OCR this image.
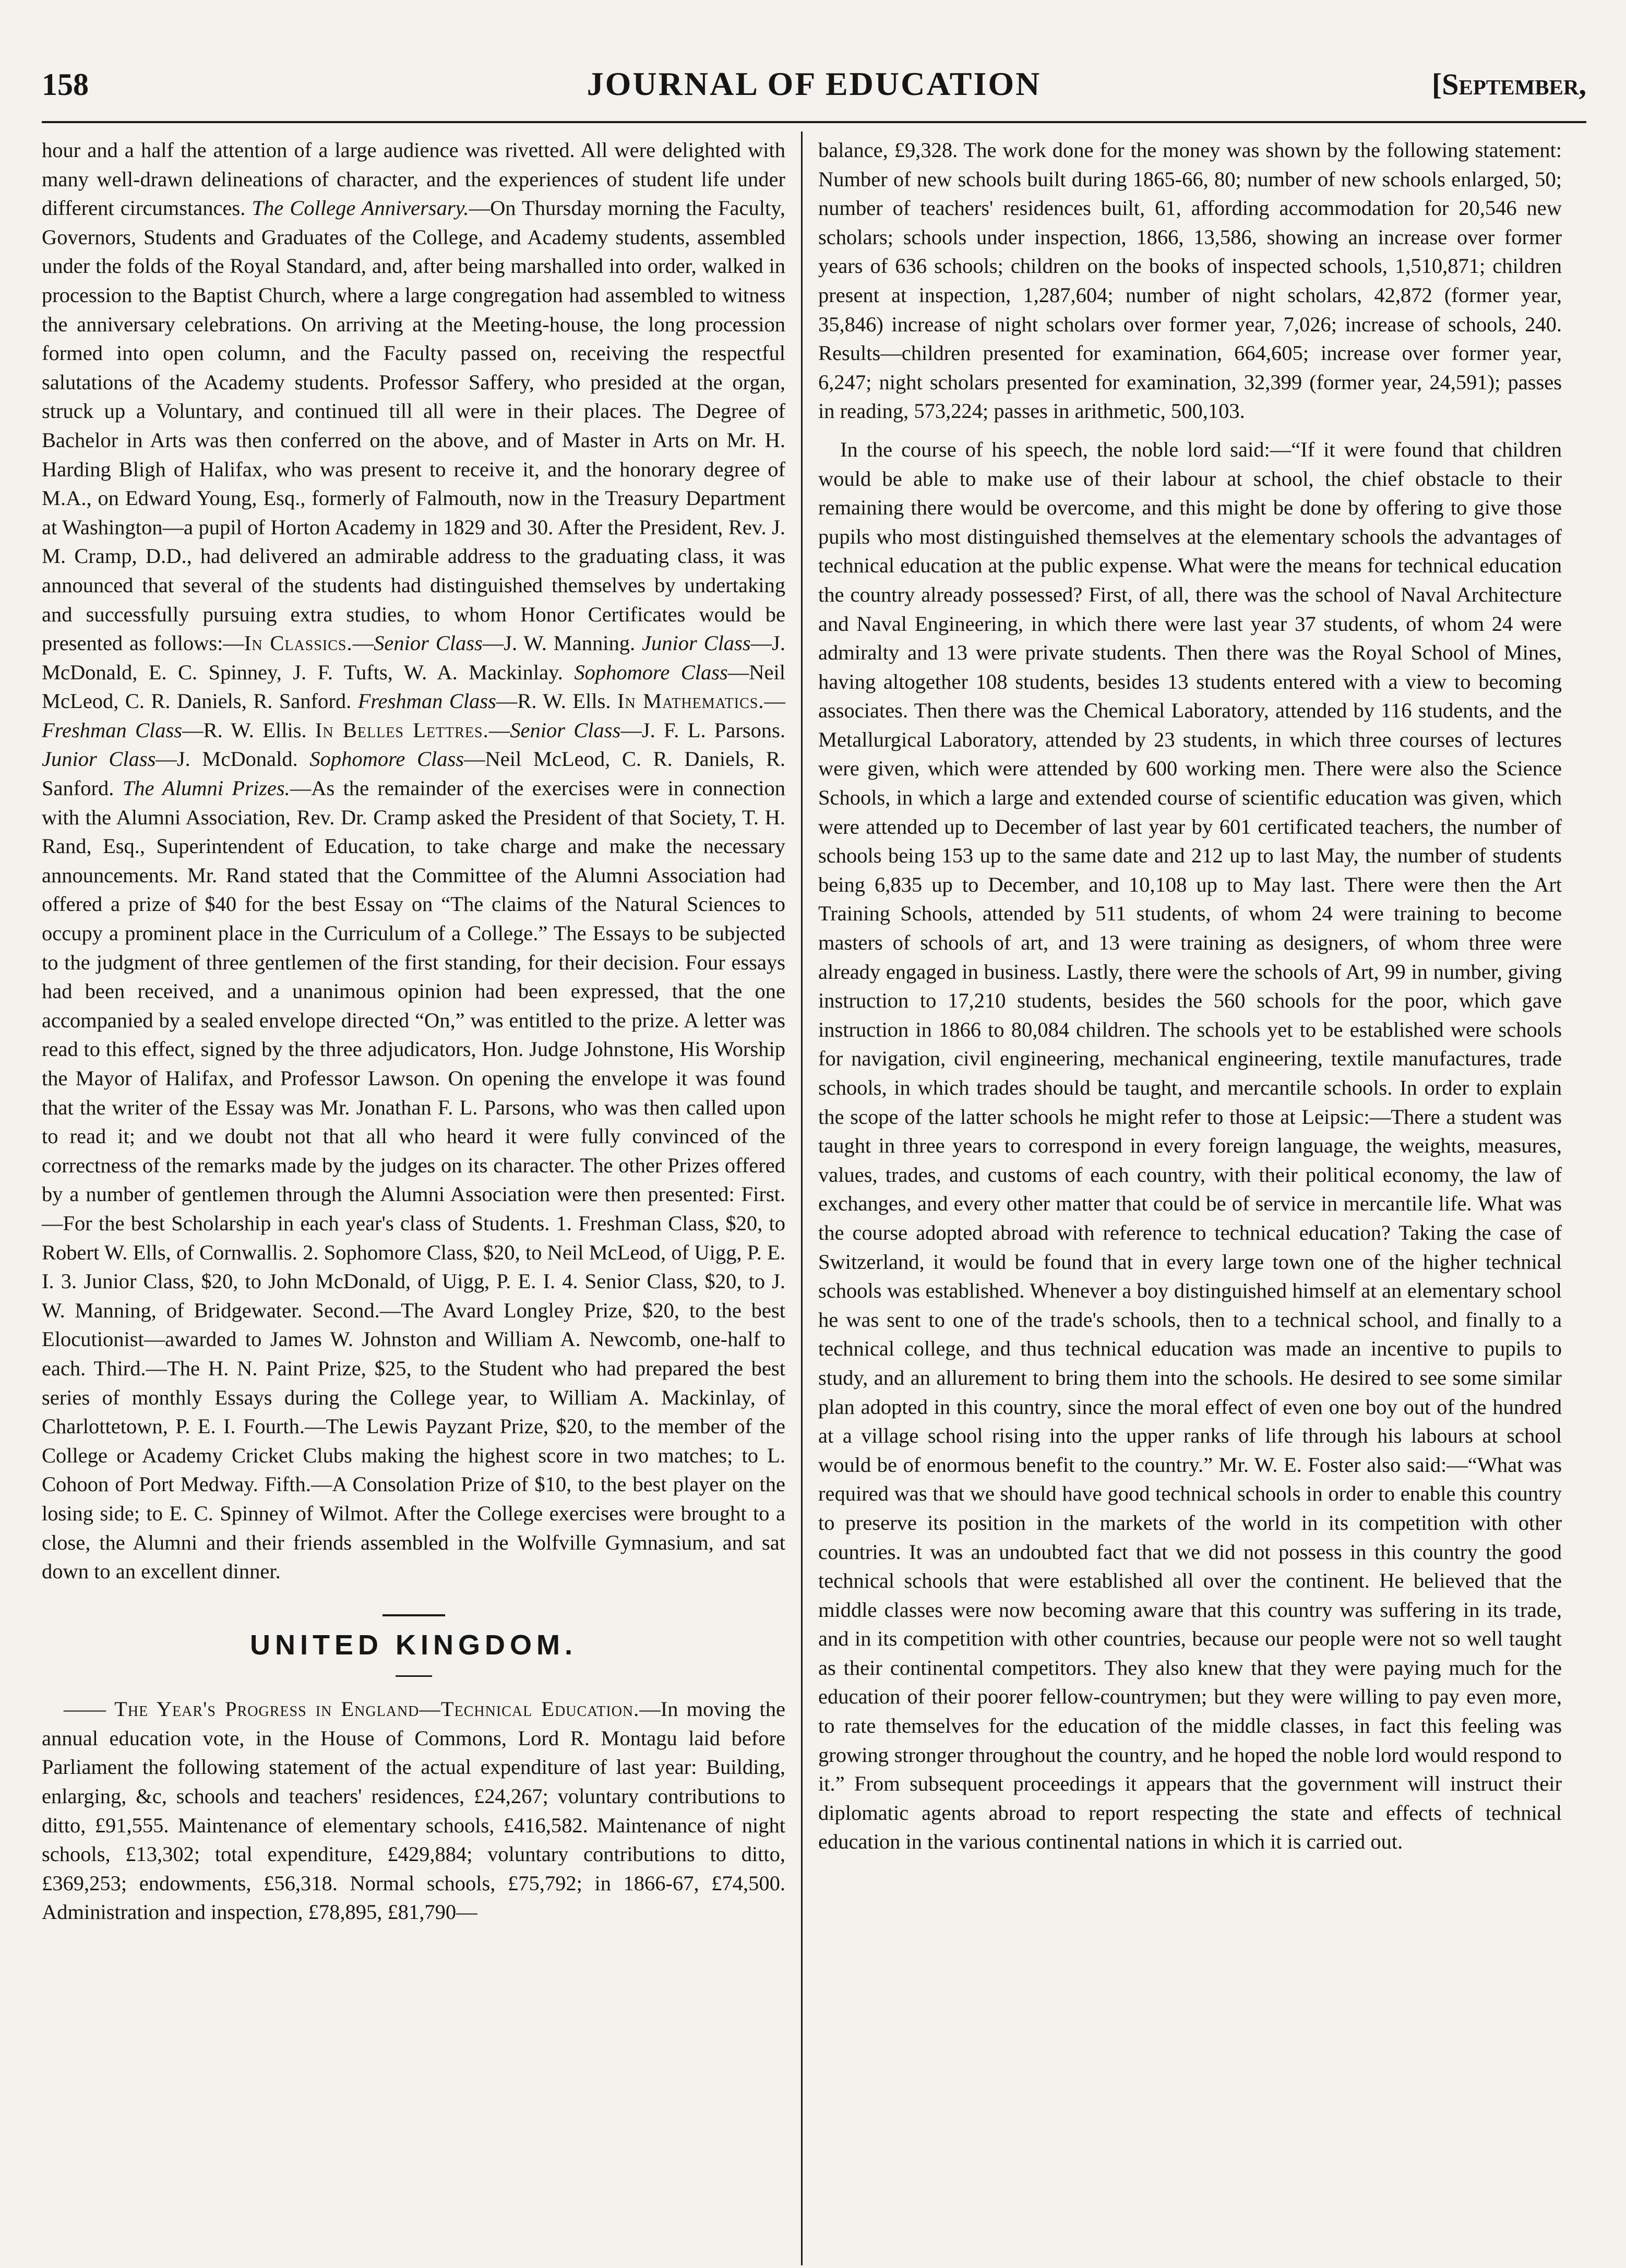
158	JOURNAL OF EDUCATION	[September,

hour and a half the attention of a large audience was rivetted. All were delighted with many well-drawn delineations of character, and the experiences of student life under different circumstances. The College Anniversary.—On Thursday morning the Faculty, Governors, Students and Graduates of the College, and Academy students, assembled under the folds of the Royal Standard, and, after being marshalled into order, walked in procession to the Baptist Church, where a large congregation had assembled to witness the anniversary celebrations. On arriving at the Meeting-house, the long procession formed into open column, and the Faculty passed on, receiving the respectful salutations of the Academy students. Professor Saffery, who presided at the organ, struck up a Voluntary, and continued till all were in their places. The Degree of Bachelor in Arts was then conferred on the above, and of Master in Arts on Mr. H. Harding Bligh of Halifax, who was present to receive it, and the honorary degree of M.A., on Edward Young, Esq., formerly of Falmouth, now in the Treasury Department at Washington—a pupil of Horton Academy in 1829 and 30. After the President, Rev. J. M. Cramp, D.D., had delivered an admirable address to the graduating class, it was announced that several of the students had distinguished themselves by undertaking and successfully pursuing extra studies, to whom Honor Certificates would be presented as follows:—In Classics.—Senior Class—J. W. Manning. Junior Class—J. McDonald, E. C. Spinney, J. F. Tufts, W. A. Mackinlay. Sophomore Class—Neil McLeod, C. R. Daniels, R. Sanford. Freshman Class—R. W. Ells. In Mathematics.—Freshman Class—R. W. Ellis. In Belles Lettres.—Senior Class—J. F. L. Parsons. Junior Class—J. McDonald. Sophomore Class—Neil McLeod, C. R. Daniels, R. Sanford. The Alumni Prizes.—As the remainder of the exercises were in connection with the Alumni Association, Rev. Dr. Cramp asked the President of that Society, T. H. Rand, Esq., Superintendent of Education, to take charge and make the necessary announcements. Mr. Rand stated that the Committee of the Alumni Association had offered a prize of $40 for the best Essay on “The claims of the Natural Sciences to occupy a prominent place in the Curriculum of a College.” The Essays to be subjected to the judgment of three gentlemen of the first standing, for their decision. Four essays had been received, and a unanimous opinion had been expressed, that the one accompanied by a sealed envelope directed “On,” was entitled to the prize. A letter was read to this effect, signed by the three adjudicators, Hon. Judge Johnstone, His Worship the Mayor of Halifax, and Professor Lawson. On opening the envelope it was found that the writer of the Essay was Mr. Jonathan F. L. Parsons, who was then called upon to read it; and we doubt not that all who heard it were fully convinced of the correctness of the remarks made by the judges on its character. The other Prizes offered by a number of gentlemen through the Alumni Association were then presented: First.—For the best Scholarship in each year's class of Students. 1. Freshman Class, $20, to Robert W. Ells, of Cornwallis. 2. Sophomore Class, $20, to Neil McLeod, of Uigg, P. E. I. 3. Junior Class, $20, to John McDonald, of Uigg, P. E. I. 4. Senior Class, $20, to J. W. Manning, of Bridgewater. Second.—The Avard Longley Prize, $20, to the best Elocutionist—awarded to James W. Johnston and William A. Newcomb, one-half to each. Third.—The H. N. Paint Prize, $25, to the Student who had prepared the best series of monthly Essays during the College year, to William A. Mackinlay, of Charlottetown, P. E. I. Fourth.—The Lewis Payzant Prize, $20, to the member of the College or Academy Cricket Clubs making the highest score in two matches; to L. Cohoon of Port Medway. Fifth.—A Consolation Prize of $10, to the best player on the losing side; to E. C. Spinney of Wilmot. After the College exercises were brought to a close, the Alumni and their friends assembled in the Wolfville Gymnasium, and sat down to an excellent dinner.

UNITED KINGDOM.

—— The Year's Progress in England—Technical Education.—In moving the annual education vote, in the House of Commons, Lord R. Montagu laid before Parliament the following statement of the actual expenditure of last year: Building, enlarging, &c, schools and teachers' residences, £24,267; voluntary contributions to ditto, £91,555. Maintenance of elementary schools, £416,582. Maintenance of night schools, £13,302; total expenditure, £429,884; voluntary contributions to ditto, £369,253; endowments, £56,318. Normal schools, £75,792; in 1866-67, £74,500. Administration and inspection, £78,895, £81,790—

balance, £9,328. The work done for the money was shown by the following statement: Number of new schools built during 1865-66, 80; number of new schools enlarged, 50; number of teachers' residences built, 61, affording accommodation for 20,546 new scholars; schools under inspection, 1866, 13,586, showing an increase over former years of 636 schools; children on the books of inspected schools, 1,510,871; children present at inspection, 1,287,604; number of night scholars, 42,872 (former year, 35,846) increase of night scholars over former year, 7,026; increase of schools, 240. Results—children presented for examination, 664,605; increase over former year, 6,247; night scholars presented for examination, 32,399 (former year, 24,591); passes in reading, 573,224; passes in arithmetic, 500,103.

In the course of his speech, the noble lord said:—“If it were found that children would be able to make use of their labour at school, the chief obstacle to their remaining there would be overcome, and this might be done by offering to give those pupils who most distinguished themselves at the elementary schools the advantages of technical education at the public expense. What were the means for technical education the country already possessed? First, of all, there was the school of Naval Architecture and Naval Engineering, in which there were last year 37 students, of whom 24 were admiralty and 13 were private students. Then there was the Royal School of Mines, having altogether 108 students, besides 13 students entered with a view to becoming associates. Then there was the Chemical Laboratory, attended by 116 students, and the Metallurgical Laboratory, attended by 23 students, in which three courses of lectures were given, which were attended by 600 working men. There were also the Science Schools, in which a large and extended course of scientific education was given, which were attended up to December of last year by 601 certificated teachers, the number of schools being 153 up to the same date and 212 up to last May, the number of students being 6,835 up to December, and 10,108 up to May last. There were then the Art Training Schools, attended by 511 students, of whom 24 were training to become masters of schools of art, and 13 were training as designers, of whom three were already engaged in business. Lastly, there were the schools of Art, 99 in number, giving instruction to 17,210 students, besides the 560 schools for the poor, which gave instruction in 1866 to 80,084 children. The schools yet to be established were schools for navigation, civil engineering, mechanical engineering, textile manufactures, trade schools, in which trades should be taught, and mercantile schools. In order to explain the scope of the latter schools he might refer to those at Leipsic:—There a student was taught in three years to correspond in every foreign language, the weights, measures, values, trades, and customs of each country, with their political economy, the law of exchanges, and every other matter that could be of service in mercantile life. What was the course adopted abroad with reference to technical education? Taking the case of Switzerland, it would be found that in every large town one of the higher technical schools was established. Whenever a boy distinguished himself at an elementary school he was sent to one of the trade's schools, then to a technical school, and finally to a technical college, and thus technical education was made an incentive to pupils to study, and an allurement to bring them into the schools. He desired to see some similar plan adopted in this country, since the moral effect of even one boy out of the hundred at a village school rising into the upper ranks of life through his labours at school would be of enormous benefit to the country.” Mr. W. E. Foster also said:—“What was required was that we should have good technical schools in order to enable this country to preserve its position in the markets of the world in its competition with other countries. It was an undoubted fact that we did not possess in this country the good technical schools that were established all over the continent. He believed that the middle classes were now becoming aware that this country was suffering in its trade, and in its competition with other countries, because our people were not so well taught as their continental competitors. They also knew that they were paying much for the education of their poorer fellow-countrymen; but they were willing to pay even more, to rate themselves for the education of the middle classes, in fact this feeling was growing stronger throughout the country, and he hoped the noble lord would respond to it.” From subsequent proceedings it appears that the government will instruct their diplomatic agents abroad to report respecting the state and effects of technical education in the various continental nations in which it is carried out.
